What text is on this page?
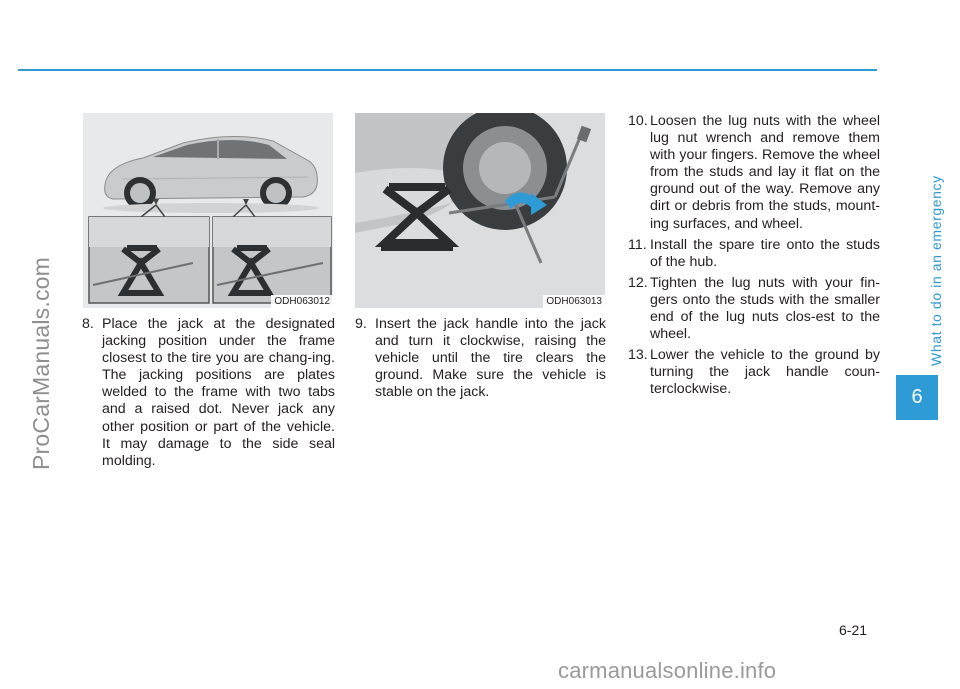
ProCarManuals.com	What to do in an emergency
6
ODH063012	ODH063013
8. Place the jack at the designated jacking position under the frame closest to the tire you are chang-ing. The jacking positions are plates welded to the frame with two tabs and a raised dot. Never jack any other position or part of the vehicle. It may damage to the side seal molding.
9. Insert the jack handle into the jack and turn it clockwise, raising the vehicle until the tire clears the ground. Make sure the vehicle is stable on the jack.
10. Loosen the lug nuts with the wheel lug nut wrench and remove them with your fingers. Remove the wheel from the studs and lay it flat on the ground out of the way. Remove any dirt or debris from the studs, mount-ing surfaces, and wheel.
11. Install the spare tire onto the studs of the hub.
12. Tighten the lug nuts with your fin-gers onto the studs with the smaller end of the lug nuts clos-est to the wheel.
13. Lower the vehicle to the ground by turning the jack handle coun-terclockwise.
6-21
carmanualsonline.info
